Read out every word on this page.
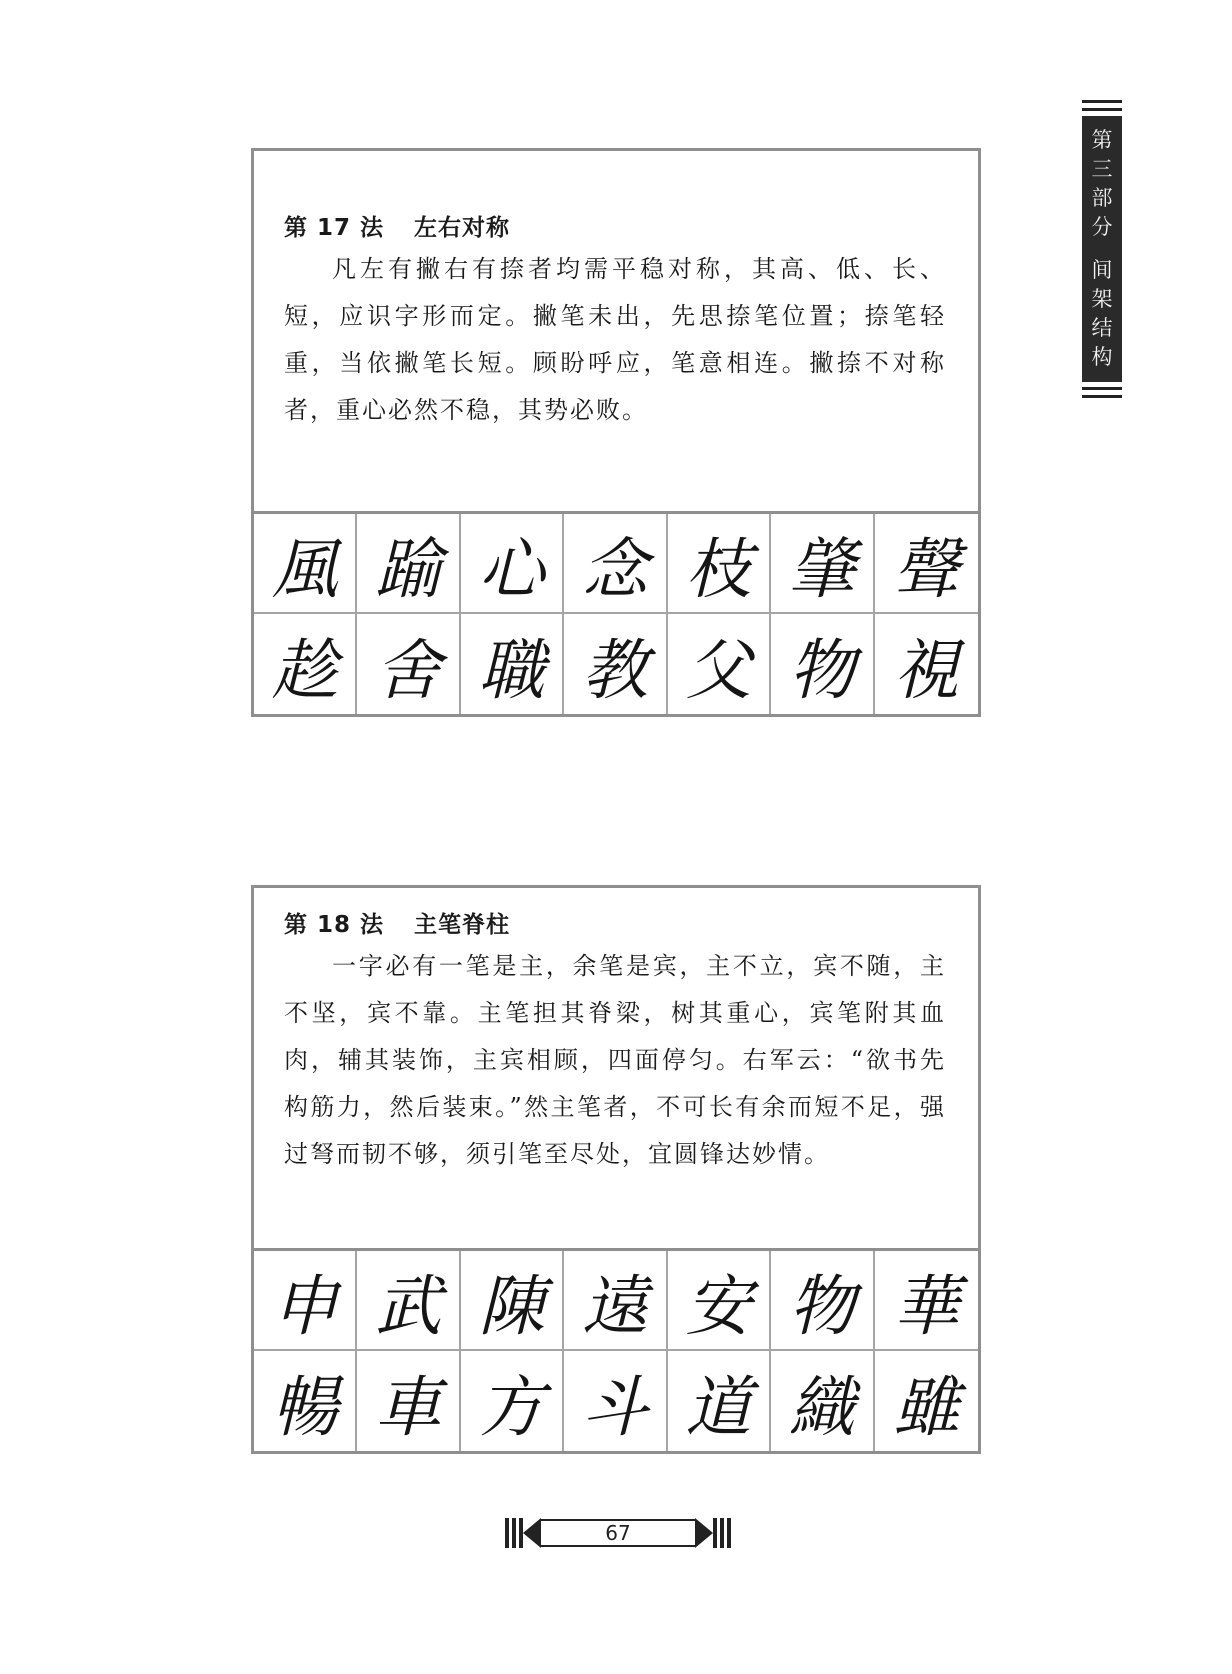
第
三
部
分
间
架
结
构
第 17 法 左右对称

凡左有撇右有捺者均需平稳对称，其高、低、长、短，应识字形而定。撇笔未出，先思捺笔位置；捺笔轻重，当依撇笔长短。顾盼呼应，笔意相连。撇捺不对称者，重心必然不稳，其势必败。

風 踰 心 念 枝 肇 聲
趁 舍 職 教 父 物 視
第 18 法 主笔脊柱

一字必有一笔是主，余笔是宾，主不立，宾不随，主不坚，宾不靠。主笔担其脊梁，树其重心，宾笔附其血肉，辅其装饰，主宾相顾，四面停匀。右军云：“欲书先构筋力，然后装束。”然主笔者，不可长有余而短不足，强过弩而韧不够，须引笔至尽处，宜圆锋达妙情。

申 武 陳 遠 安 物 華
暢 車 方 斗 道 織 雖
67
